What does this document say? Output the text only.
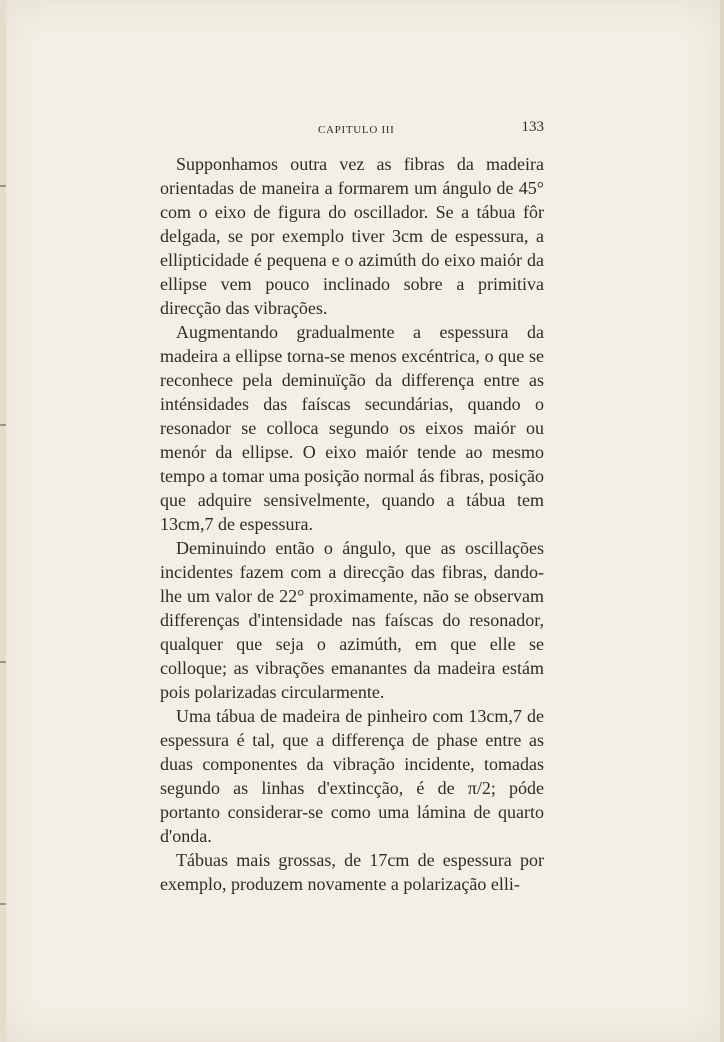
CAPITULO III	133

Supponhamos outra vez as fibras da madeira orientadas de maneira a formarem um ángulo de 45° com o eixo de figura do oscillador. Se a tábua fôr delgada, se por exemplo tiver 3cm de espessura, a ellipticidade é pequena e o azimúth do eixo maiór da ellipse vem pouco inclinado sobre a primitiva direcção das vibrações.

Augmentando gradualmente a espessura da madeira a ellipse torna-se menos excéntrica, o que se reconhece pela deminuïção da differença entre as inténsidades das faíscas secundárias, quando o resonador se colloca segundo os eixos maiór ou menór da ellipse. O eixo maiór tende ao mesmo tempo a tomar uma posição normal ás fibras, posição que adquire sensivelmente, quando a tábua tem 13cm,7 de espessura.

Deminuindo então o ángulo, que as oscillações incidentes fazem com a direcção das fibras, dando-lhe um valor de 22° proximamente, não se observam differenças d'intensidade nas faíscas do resonador, qualquer que seja o azimúth, em que elle se colloque; as vibrações emanantes da madeira estám pois polarizadas circularmente.

Uma tábua de madeira de pinheiro com 13cm,7 de espessura é tal, que a differença de phase entre as duas componentes da vibração incidente, tomadas segundo as linhas d'extincção, é de π/2; póde portanto considerar-se como uma lámina de quarto d'onda.

Tábuas mais grossas, de 17cm de espessura por exemplo, produzem novamente a polarização elli-
